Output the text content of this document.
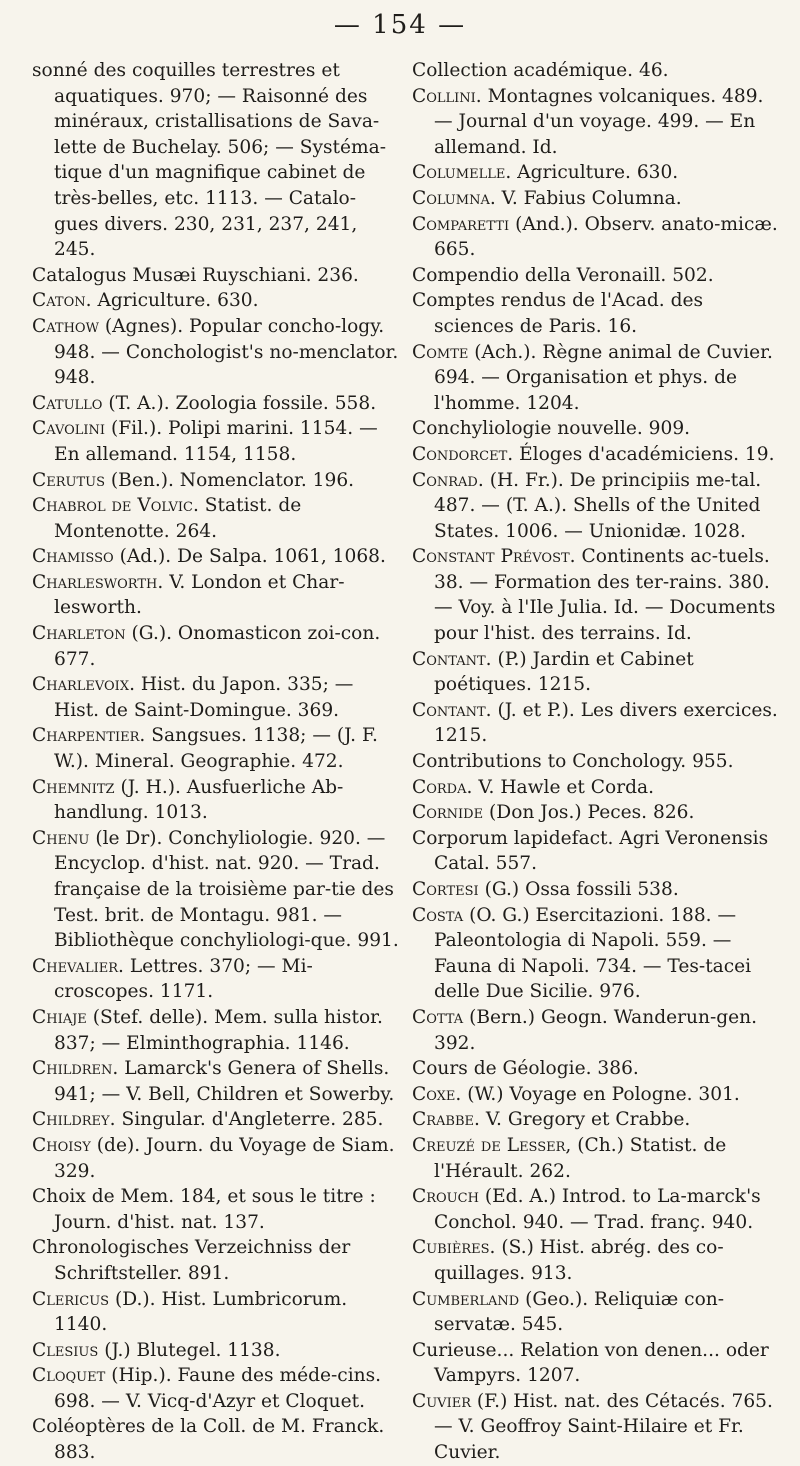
— 154 —

sonné des coquilles terrestres et aquatiques. 970; — Raisonné des minéraux, cristallisations de Sava-lette de Buchelay. 506; — Systéma-tique d'un magnifique cabinet de très-belles, etc. 1113. — Catalo-gues divers. 230, 231, 237, 241, 245.

Catalogus Musæi Ruyschiani. 236.

Caton. Agriculture. 630.

Cathow (Agnes). Popular concho-logy. 948. — Conchologist's no-menclator. 948.

Catullo (T. A.). Zoologia fossile. 558.

Cavolini (Fil.). Polipi marini. 1154. — En allemand. 1154, 1158.

Cerutus (Ben.). Nomenclator. 196.

Chabrol de Volvic. Statist. de Montenotte. 264.

Chamisso (Ad.). De Salpa. 1061, 1068.

Charlesworth. V. London et Char-lesworth.

Charleton (G.). Onomasticon zoi-con. 677.

Charlevoix. Hist. du Japon. 335; — Hist. de Saint-Domingue. 369.

Charpentier. Sangsues. 1138; — (J. F. W.). Mineral. Geographie. 472.

Chemnitz (J. H.). Ausfuerliche Ab-handlung. 1013.

Chenu (le Dr). Conchyliologie. 920. — Encyclop. d'hist. nat. 920. — Trad. française de la troisième par-tie des Test. brit. de Montagu. 981. — Bibliothèque conchyliologi-que. 991.

Chevalier. Lettres. 370; — Mi-croscopes. 1171.

Chiaje (Stef. delle). Mem. sulla histor. 837; — Elminthographia. 1146.

Children. Lamarck's Genera of Shells. 941; — V. Bell, Children et Sowerby.

Childrey. Singular. d'Angleterre. 285.

Choisy (de). Journ. du Voyage de Siam. 329.

Choix de Mem. 184, et sous le titre : Journ. d'hist. nat. 137.

Chronologisches Verzeichniss der Schriftsteller. 891.

Clericus (D.). Hist. Lumbricorum. 1140.

Clesius (J.) Blutegel. 1138.

Cloquet (Hip.). Faune des méde-cins. 698. — V. Vicq-d'Azyr et Cloquet.

Coléoptères de la Coll. de M. Franck. 883.

Collection académique. 46.

Collini. Montagnes volcaniques. 489. — Journal d'un voyage. 499. — En allemand. Id.

Columelle. Agriculture. 630.

Columna. V. Fabius Columna.

Comparetti (And.). Observ. anato-micæ. 665.

Compendio della Veronaill. 502.

Comptes rendus de l'Acad. des sciences de Paris. 16.

Comte (Ach.). Règne animal de Cuvier. 694. — Organisation et phys. de l'homme. 1204.

Conchyliologie nouvelle. 909.

Condorcet. Éloges d'académiciens. 19.

Conrad. (H. Fr.). De principiis me-tal. 487. — (T. A.). Shells of the United States. 1006. — Unionidæ. 1028.

Constant Prévost. Continents ac-tuels. 38. — Formation des ter-rains. 380. — Voy. à l'Ile Julia. Id. — Documents pour l'hist. des terrains. Id.

Contant. (P.) Jardin et Cabinet poétiques. 1215.

Contant. (J. et P.). Les divers exercices. 1215.

Contributions to Conchology. 955.

Corda. V. Hawle et Corda.

Cornide (Don Jos.) Peces. 826.

Corporum lapidefact. Agri Veronensis Catal. 557.

Cortesi (G.) Ossa fossili 538.

Costa (O. G.) Esercitazioni. 188. — Paleontologia di Napoli. 559. — Fauna di Napoli. 734. — Tes-tacei delle Due Sicilie. 976.

Cotta (Bern.) Geogn. Wanderun-gen. 392.

Cours de Géologie. 386.

Coxe. (W.) Voyage en Pologne. 301.

Crabbe. V. Gregory et Crabbe.

Creuzé de Lesser, (Ch.) Statist. de l'Hérault. 262.

Crouch (Ed. A.) Introd. to La-marck's Conchol. 940. — Trad. franç. 940.

Cubières. (S.) Hist. abrég. des co-quillages. 913.

Cumberland (Geo.). Reliquiæ con-servatæ. 545.

Curieuse... Relation von denen... oder Vampyrs. 1207.

Cuvier (F.) Hist. nat. des Cétacés. 765. — V. Geoffroy Saint-Hilaire et Fr. Cuvier.
